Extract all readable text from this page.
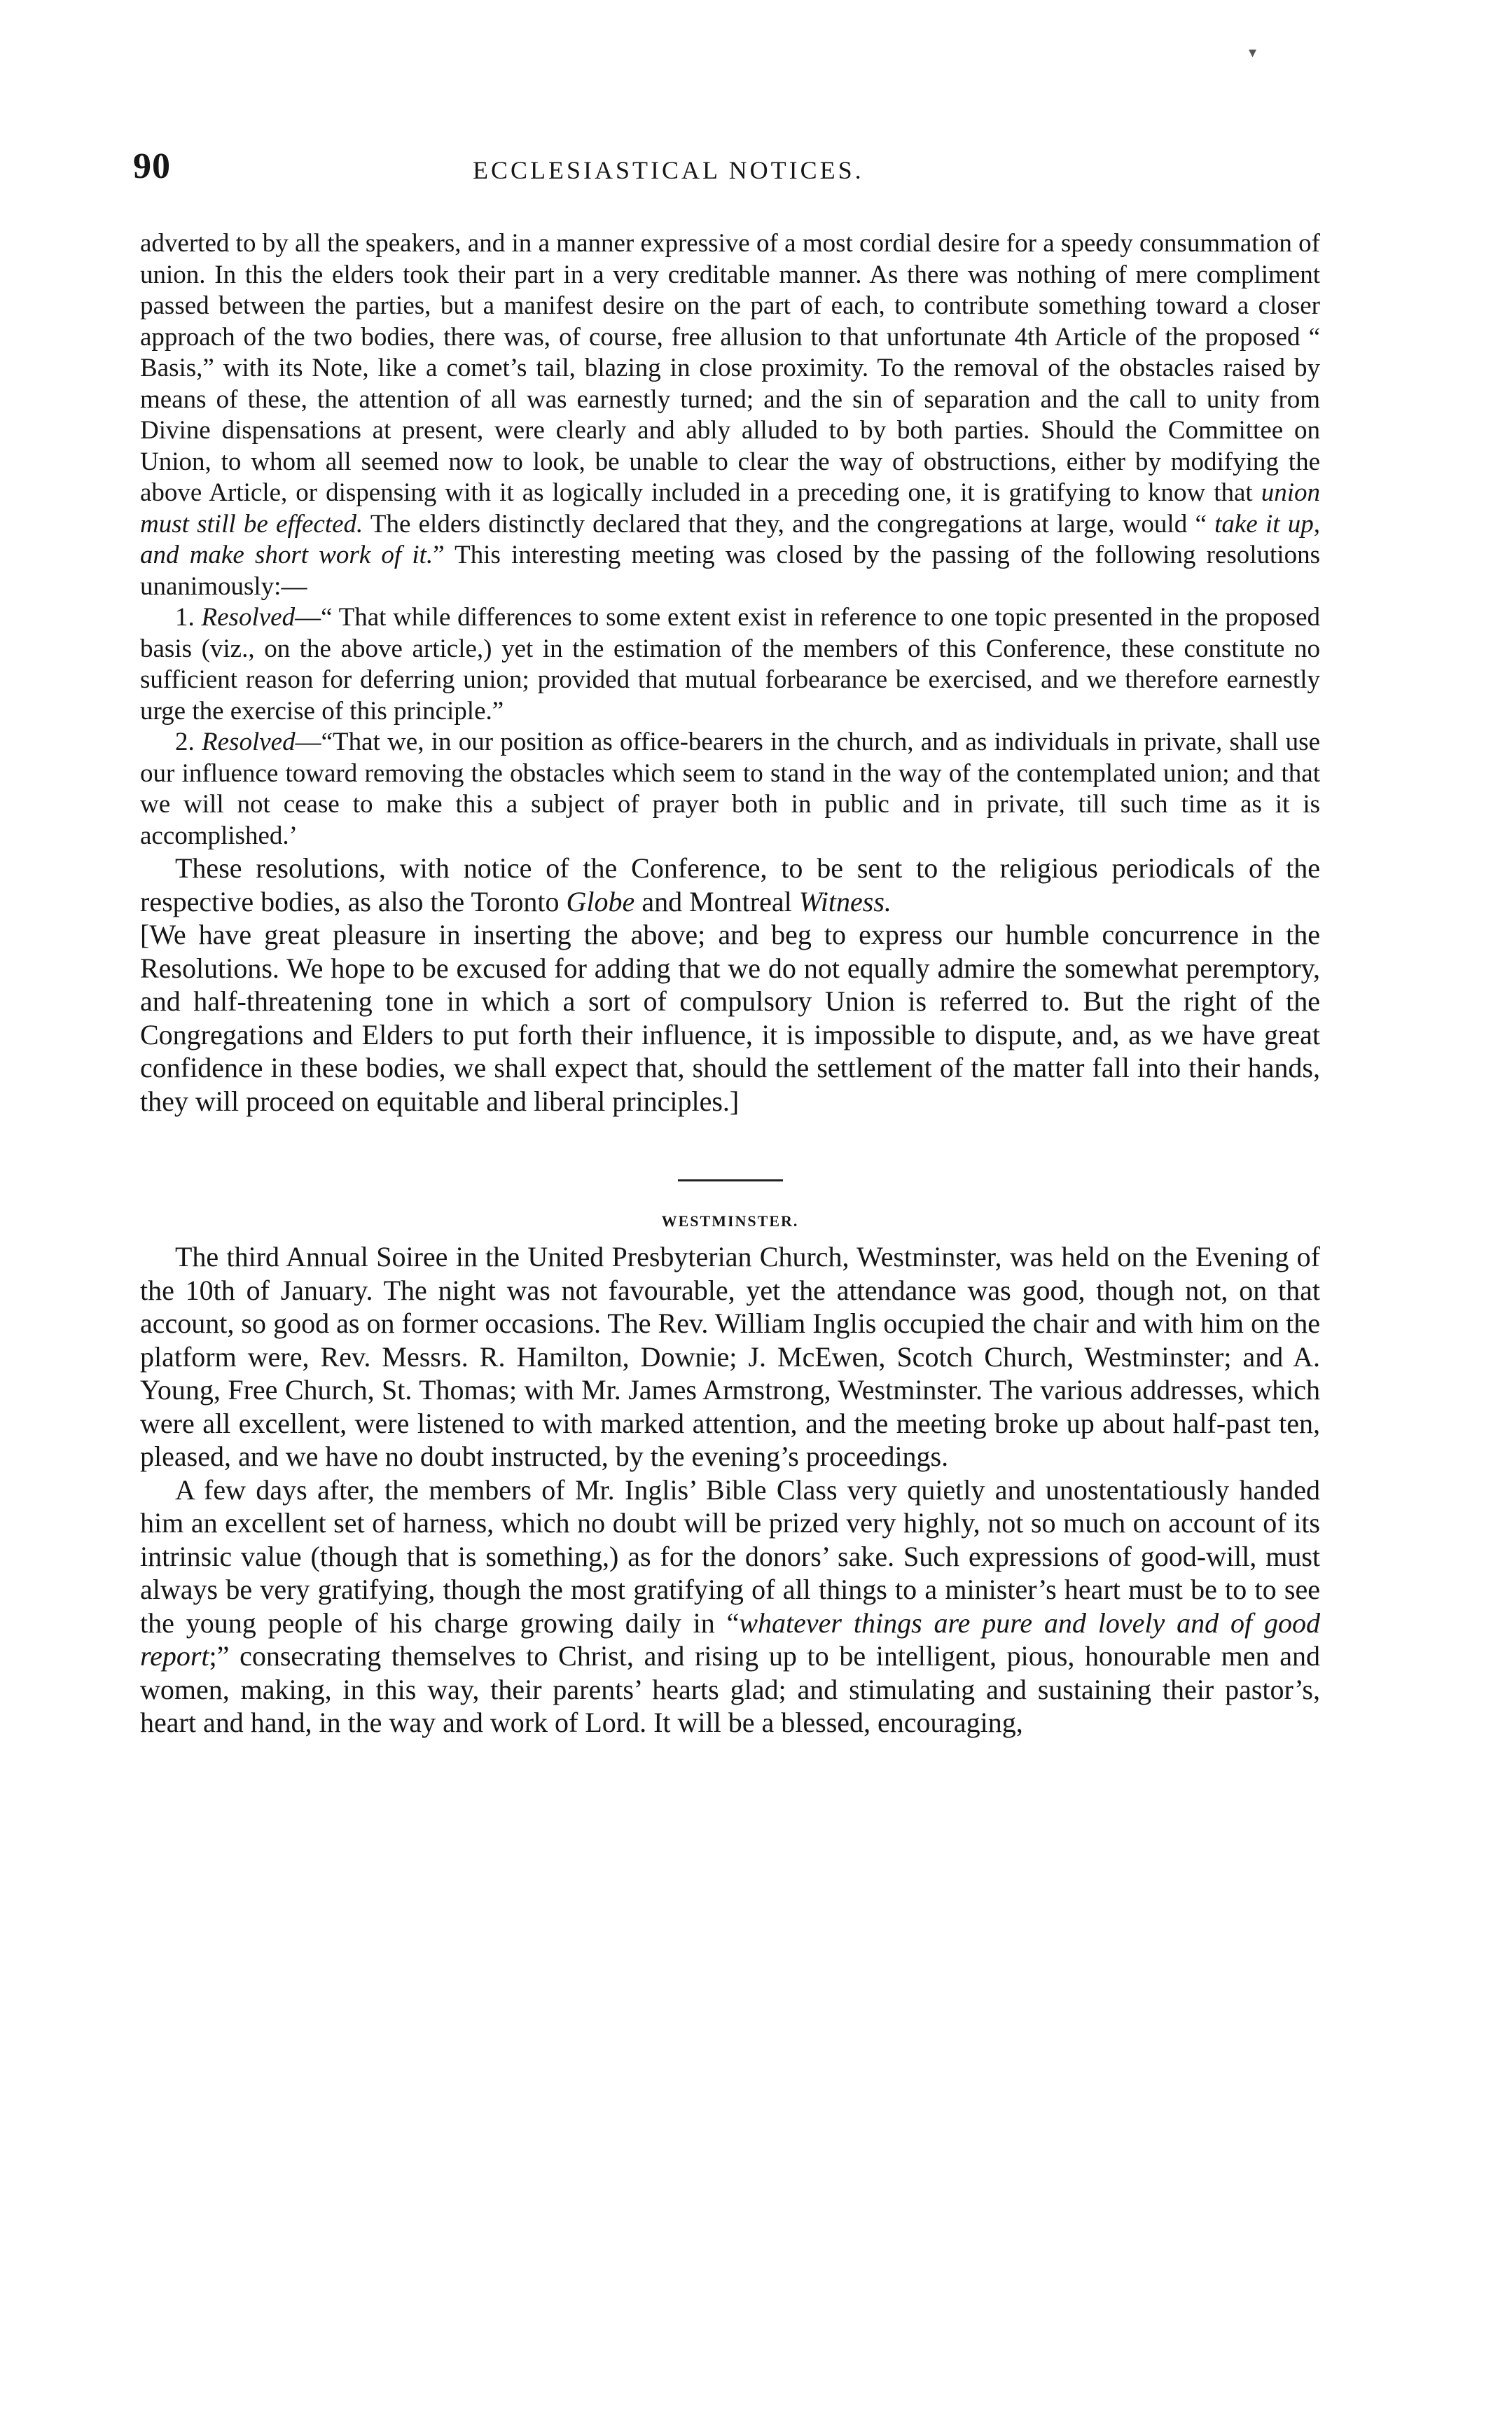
▾
90	ECCLESIASTICAL NOTICES.

adverted to by all the speakers, and in a manner expressive of a most cordial desire for a speedy consummation of union. In this the elders took their part in a very creditable manner. As there was nothing of mere compliment passed between the parties, but a manifest desire on the part of each, to contribute something toward a closer approach of the two bodies, there was, of course, free allusion to that unfortunate 4th Article of the proposed “ Basis,” with its Note, like a comet’s tail, blazing in close proximity. To the removal of the obstacles raised by means of these, the attention of all was earnestly turned; and the sin of separation and the call to unity from Divine dispensations at present, were clearly and ably alluded to by both parties. Should the Committee on Union, to whom all seemed now to look, be unable to clear the way of obstructions, either by modifying the above Article, or dispensing with it as logically included in a preceding one, it is gratifying to know that union must still be effected. The elders distinctly declared that they, and the congregations at large, would “ take it up, and make short work of it.” This interesting meeting was closed by the passing of the following resolutions unanimously:—

1. Resolved—“ That while differences to some extent exist in reference to one topic presented in the proposed basis (viz., on the above article,) yet in the estimation of the members of this Conference, these constitute no sufficient reason for deferring union; provided that mutual forbearance be exercised, and we therefore earnestly urge the exercise of this principle.”

2. Resolved—“That we, in our position as office-bearers in the church, and as individuals in private, shall use our influence toward removing the obstacles which seem to stand in the way of the contemplated union; and that we will not cease to make this a subject of prayer both in public and in private, till such time as it is accomplished.’

These resolutions, with notice of the Conference, to be sent to the religious periodicals of the respective bodies, as also the Toronto Globe and Montreal Witness.

[We have great pleasure in inserting the above; and beg to express our humble concurrence in the Resolutions. We hope to be excused for adding that we do not equally admire the somewhat peremptory, and half-threatening tone in which a sort of compulsory Union is referred to. But the right of the Congregations and Elders to put forth their influence, it is impossible to dispute, and, as we have great confidence in these bodies, we shall expect that, should the settlement of the matter fall into their hands, they will proceed on equitable and liberal principles.]

WESTMINSTER.

The third Annual Soiree in the United Presbyterian Church, Westminster, was held on the Evening of the 10th of January. The night was not favourable, yet the attendance was good, though not, on that account, so good as on former occasions. The Rev. William Inglis occupied the chair and with him on the platform were, Rev. Messrs. R. Hamilton, Downie; J. McEwen, Scotch Church, Westminster; and A. Young, Free Church, St. Thomas; with Mr. James Armstrong, Westminster. The various addresses, which were all excellent, were listened to with marked attention, and the meeting broke up about half-past ten, pleased, and we have no doubt instructed, by the evening’s proceedings.

A few days after, the members of Mr. Inglis’ Bible Class very quietly and unostentatiously handed him an excellent set of harness, which no doubt will be prized very highly, not so much on account of its intrinsic value (though that is something,) as for the donors’ sake. Such expressions of good-will, must always be very gratifying, though the most gratifying of all things to a minister’s heart must be to to see the young people of his charge growing daily in “whatever things are pure and lovely and of good report;” consecrating themselves to Christ, and rising up to be intelligent, pious, honourable men and women, making, in this way, their parents’ hearts glad; and stimulating and sustaining their pastor’s, heart and hand, in the way and work of Lord. It will be a blessed, encouraging,
